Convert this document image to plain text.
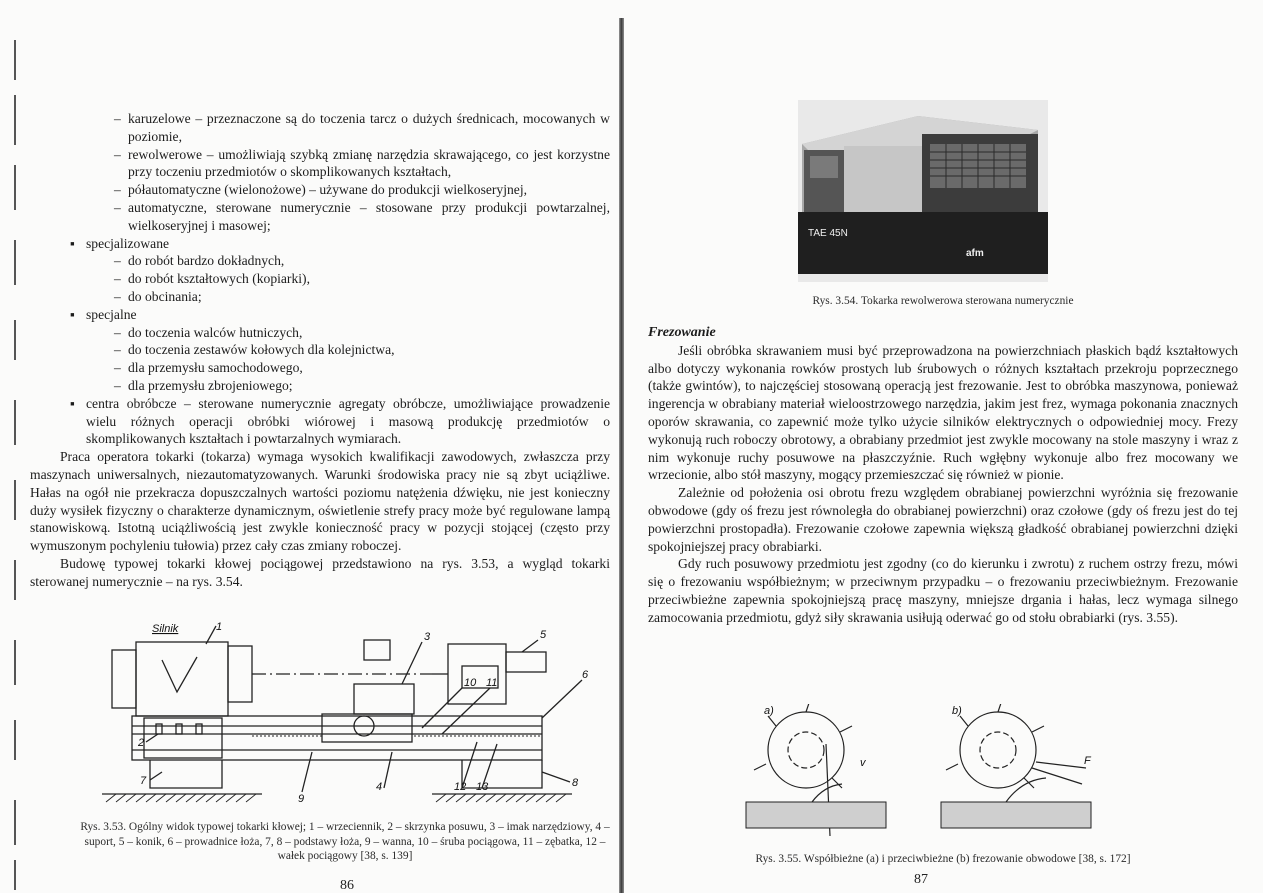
– karuzelowe – przeznaczone są do toczenia tarcz o dużych średnicach, mocowanych w poziomie,
– rewolwerowe – umożliwiają szybką zmianę narzędzia skrawającego, co jest korzystne przy toczeniu przedmiotów o skomplikowanych kształtach,
– półautomatyczne (wielonożowe) – używane do produkcji wielkoseryjnej,
– automatyczne, sterowane numerycznie – stosowane przy produkcji powtarzalnej, wielkoseryjnej i masowej;
▪ specjalizowane
– do robót bardzo dokładnych,
– do robót kształtowych (kopiarki),
– do obcinania;
▪ specjalne
– do toczenia walców hutniczych,
– do toczenia zestawów kołowych dla kolejnictwa,
– dla przemysłu samochodowego,
– dla przemysłu zbrojeniowego;
▪ centra obróbcze – sterowane numerycznie agregaty obróbcze, umożliwiające prowadzenie wielu różnych operacji obróbki wiórowej i masową produkcję przedmiotów o skomplikowanych kształtach i powtarzalnych wymiarach.
Praca operatora tokarki (tokarza) wymaga wysokich kwalifikacji zawodowych, zwłaszcza przy maszynach uniwersalnych, niezautomatyzowanych. Warunki środowiska pracy nie są zbyt uciążliwe. Hałas na ogół nie przekracza dopuszczalnych wartości poziomu natężenia dźwięku, nie jest konieczny duży wysiłek fizyczny o charakterze dynamicznym, oświetlenie strefy pracy może być regulowane lampą stanowiskową. Istotną uciążliwością jest zwykle konieczność pracy w pozycji stojącej (często przy wymuszonym pochyleniu tułowia) przez cały czas zmiany roboczej.
Budowę typowej tokarki kłowej pociągowej przedstawiono na rys. 3.53, a wygląd tokarki sterowanej numerycznie – na rys. 3.54.
Silnik	1
3	5
6
10 11
2
7	8
9
4	12 13
Rys. 3.53. Ogólny widok typowej tokarki kłowej; 1 – wrzeciennik, 2 – skrzynka posuwu, 3 – imak narzędziowy, 4 – suport, 5 – konik, 6 – prowadnice łoża, 7, 8 – podstawy łoża, 9 – wanna, 10 – śruba pociągowa, 11 – zębatka, 12 – wałek pociągowy [38, s. 139]
86
TAE 45N
afm
Rys. 3.54. Tokarka rewolwerowa sterowana numerycznie
Frezowanie
Jeśli obróbka skrawaniem musi być przeprowadzona na powierzchniach płaskich bądź kształtowych albo dotyczy wykonania rowków prostych lub śrubowych o różnych kształtach przekroju poprzecznego (także gwintów), to najczęściej stosowaną operacją jest frezowanie. Jest to obróbka maszynowa, ponieważ ingerencja w obrabiany materiał wieloostrzowego narzędzia, jakim jest frez, wymaga pokonania znacznych oporów skrawania, co zapewnić może tylko użycie silników elektrycznych o odpowiedniej mocy. Frezy wykonują ruch roboczy obrotowy, a obrabiany przedmiot jest zwykle mocowany na stole maszyny i wraz z nim wykonuje ruchy posuwowe na płaszczyźnie. Ruch wgłębny wykonuje albo frez mocowany we wrzecionie, albo stół maszyny, mogący przemieszczać się również w pionie.
Zależnie od położenia osi obrotu frezu względem obrabianej powierzchni wyróżnia się frezowanie obwodowe (gdy oś frezu jest równoległa do obrabianej powierzchni) oraz czołowe (gdy oś frezu jest do tej powierzchni prostopadła). Frezowanie czołowe zapewnia większą gładkość obrabianej powierzchni dzięki spokojniejszej pracy obrabiarki.
Gdy ruch posuwowy przedmiotu jest zgodny (co do kierunku i zwrotu) z ruchem ostrzy frezu, mówi się o frezowaniu współbieżnym; w przeciwnym przypadku – o frezowaniu przeciwbieżnym. Frezowanie przeciwbieżne zapewnia spokojniejszą pracę maszyny, mniejsze drgania i hałas, lecz wymaga silnego zamocowania przedmiotu, gdyż siły skrawania usiłują oderwać go od stołu obrabiarki (rys. 3.55).
a)	b)
v	F
Rys. 3.55. Współbieżne (a) i przeciwbieżne (b) frezowanie obwodowe [38, s. 172]
87
